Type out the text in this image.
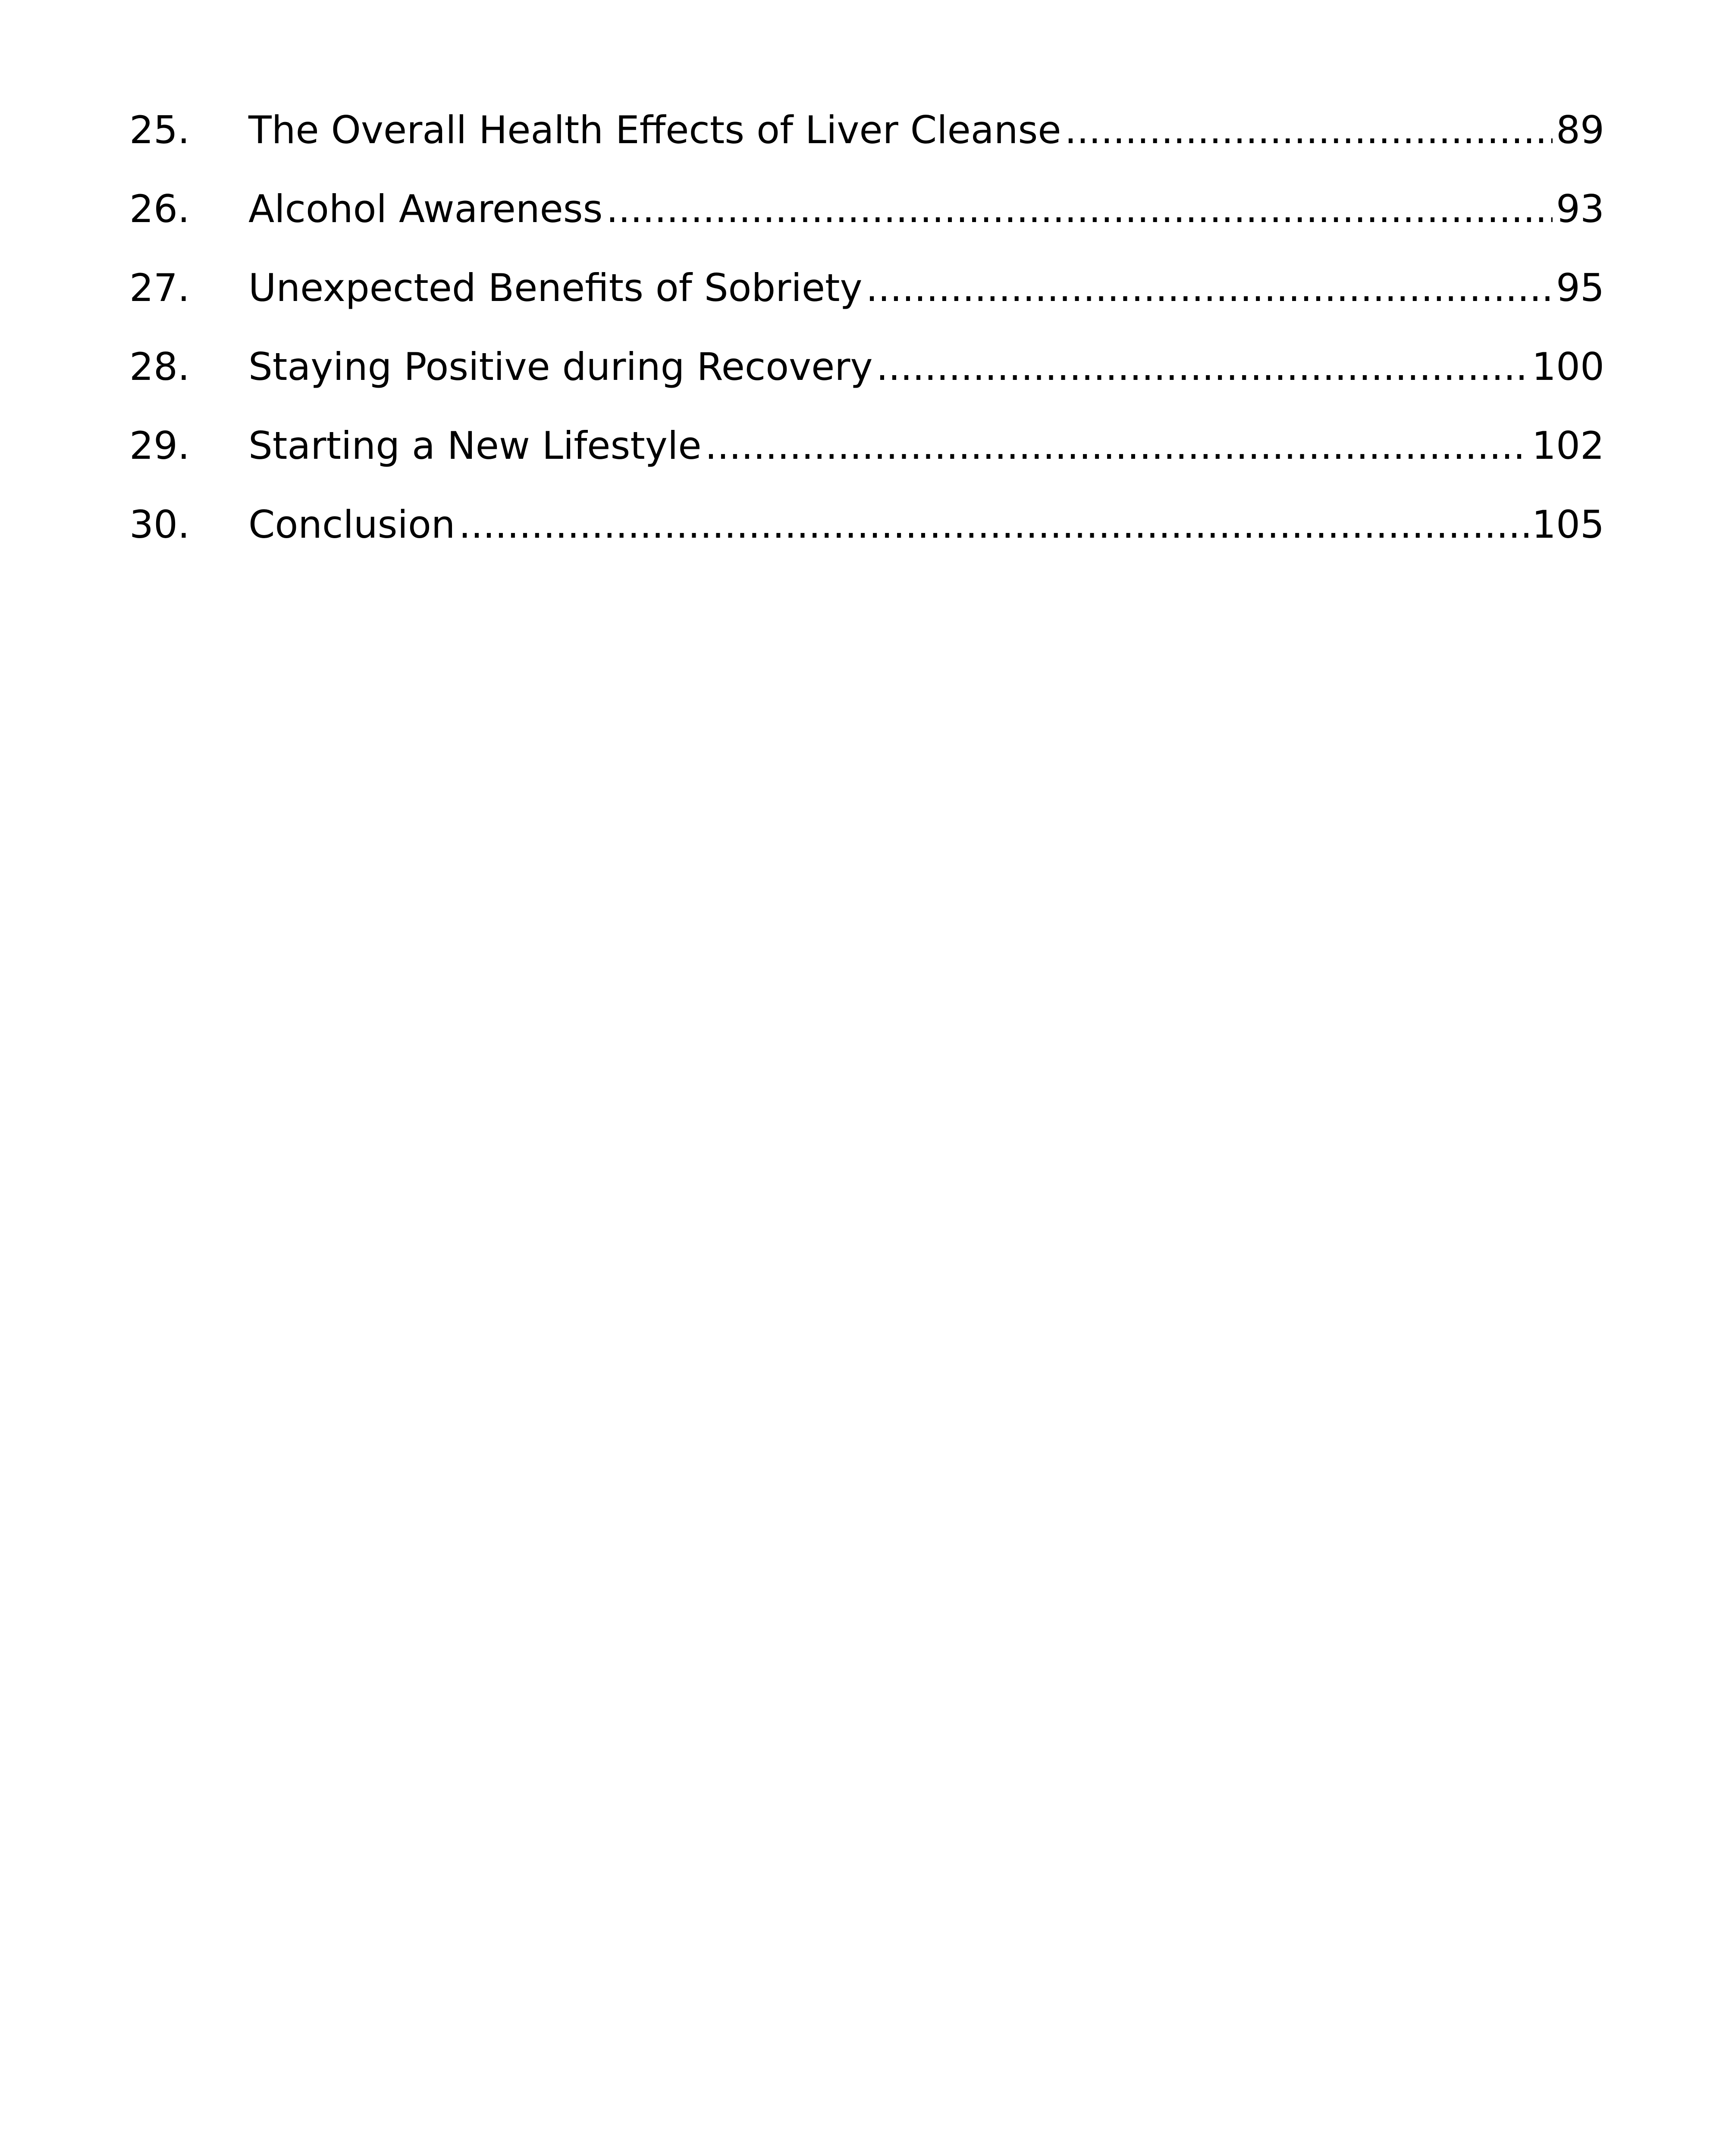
25.	The Overall Health Effects of Liver Cleanse .....	89
26.	Alcohol Awareness .....	93
27.	Unexpected Benefits of Sobriety .....	95
28.	Staying Positive during Recovery .....	100
29.	Starting a New Lifestyle .....	102
30.	Conclusion .....	105
